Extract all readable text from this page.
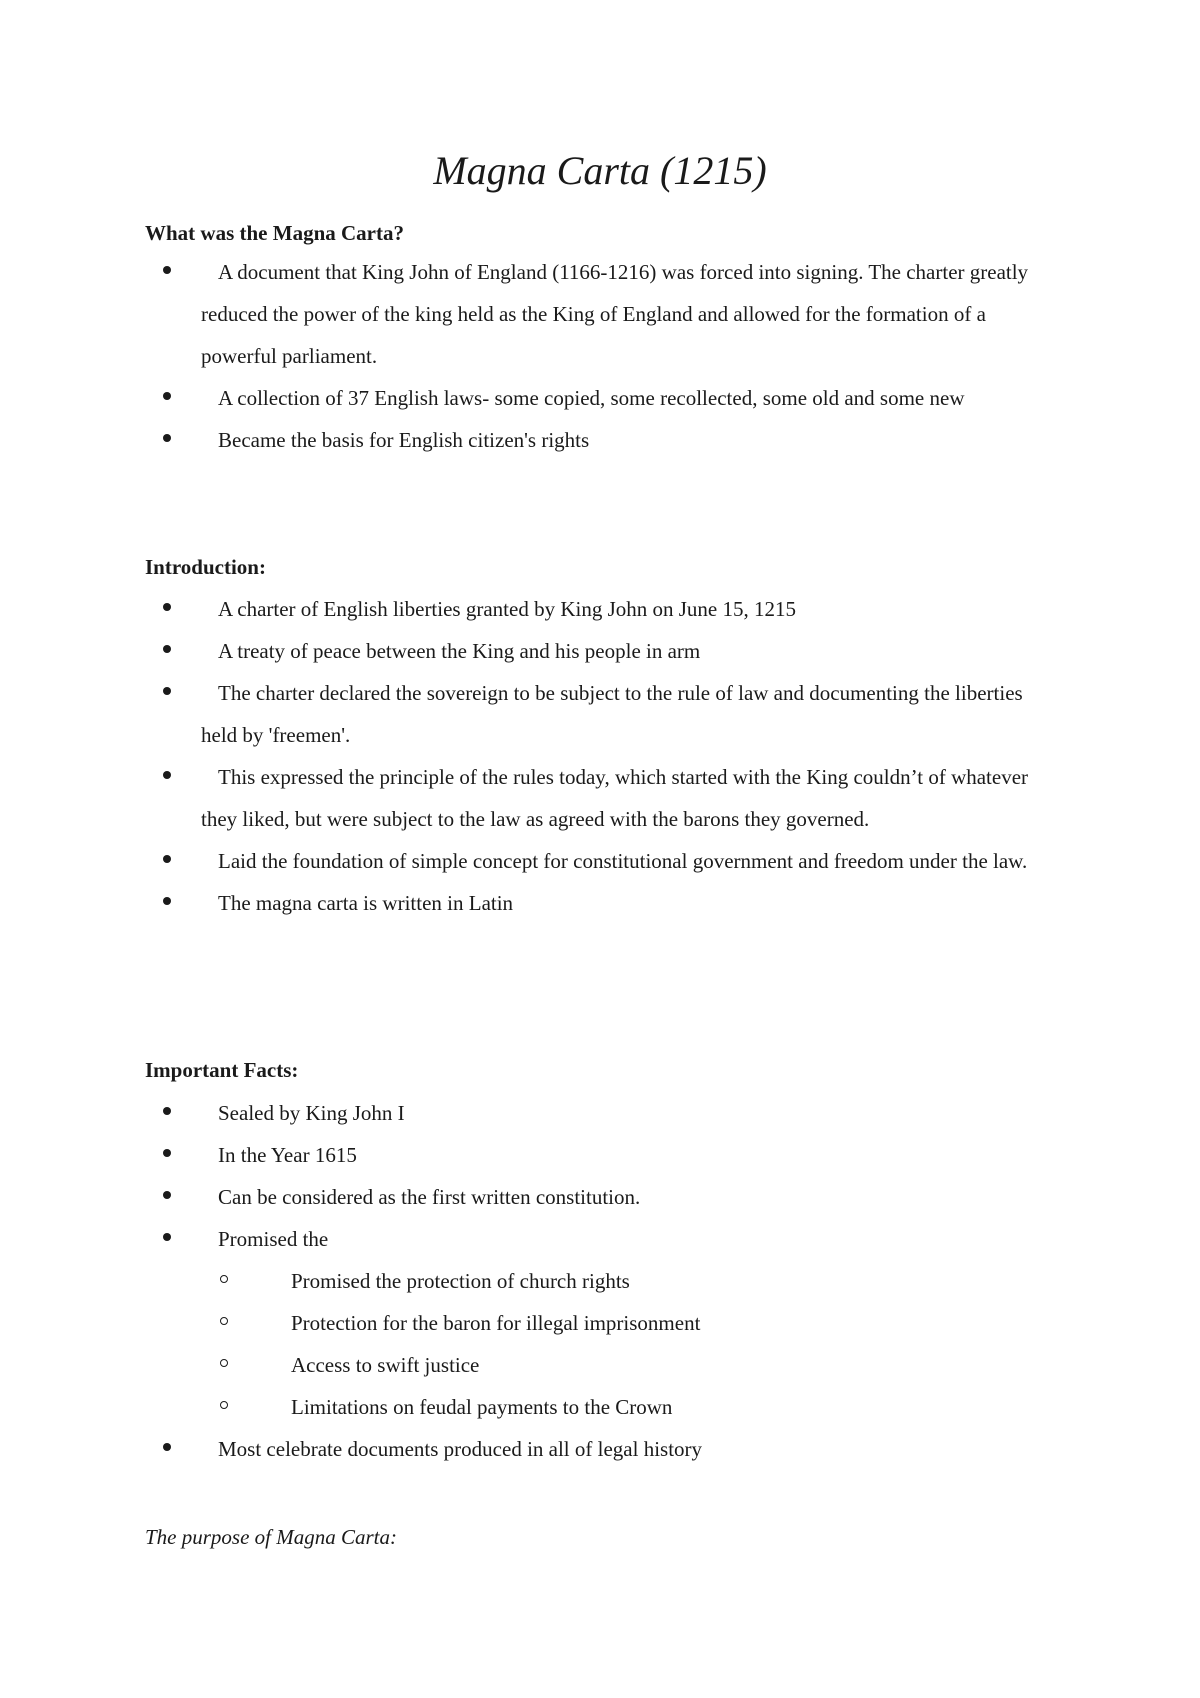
Magna Carta (1215)
What was the Magna Carta?
A document that King John of England (1166-1216) was forced into signing. The charter greatly reduced the power of the king held as the King of England and allowed for the formation of a powerful parliament.
A collection of 37 English laws- some copied, some recollected, some old and some new
Became the basis for English citizen's rights
Introduction:
A charter of English liberties granted by King John on June 15, 1215
A treaty of peace between the King and his people in arm
The charter declared the sovereign to be subject to the rule of law and documenting the liberties held by 'freemen'.
This expressed the principle of the rules today, which started with the King couldn’t of whatever they liked, but were subject to the law as agreed with the barons they governed.
Laid the foundation of simple concept for constitutional government and freedom under the law.
The magna carta is written in Latin
Important Facts:
Sealed by King John I
In the Year 1615
Can be considered as the first written constitution.
Promised the
Promised the protection of church rights
Protection for the baron for illegal imprisonment
Access to swift justice
Limitations on feudal payments to the Crown
Most celebrate documents produced in all of legal history
The purpose of Magna Carta:
